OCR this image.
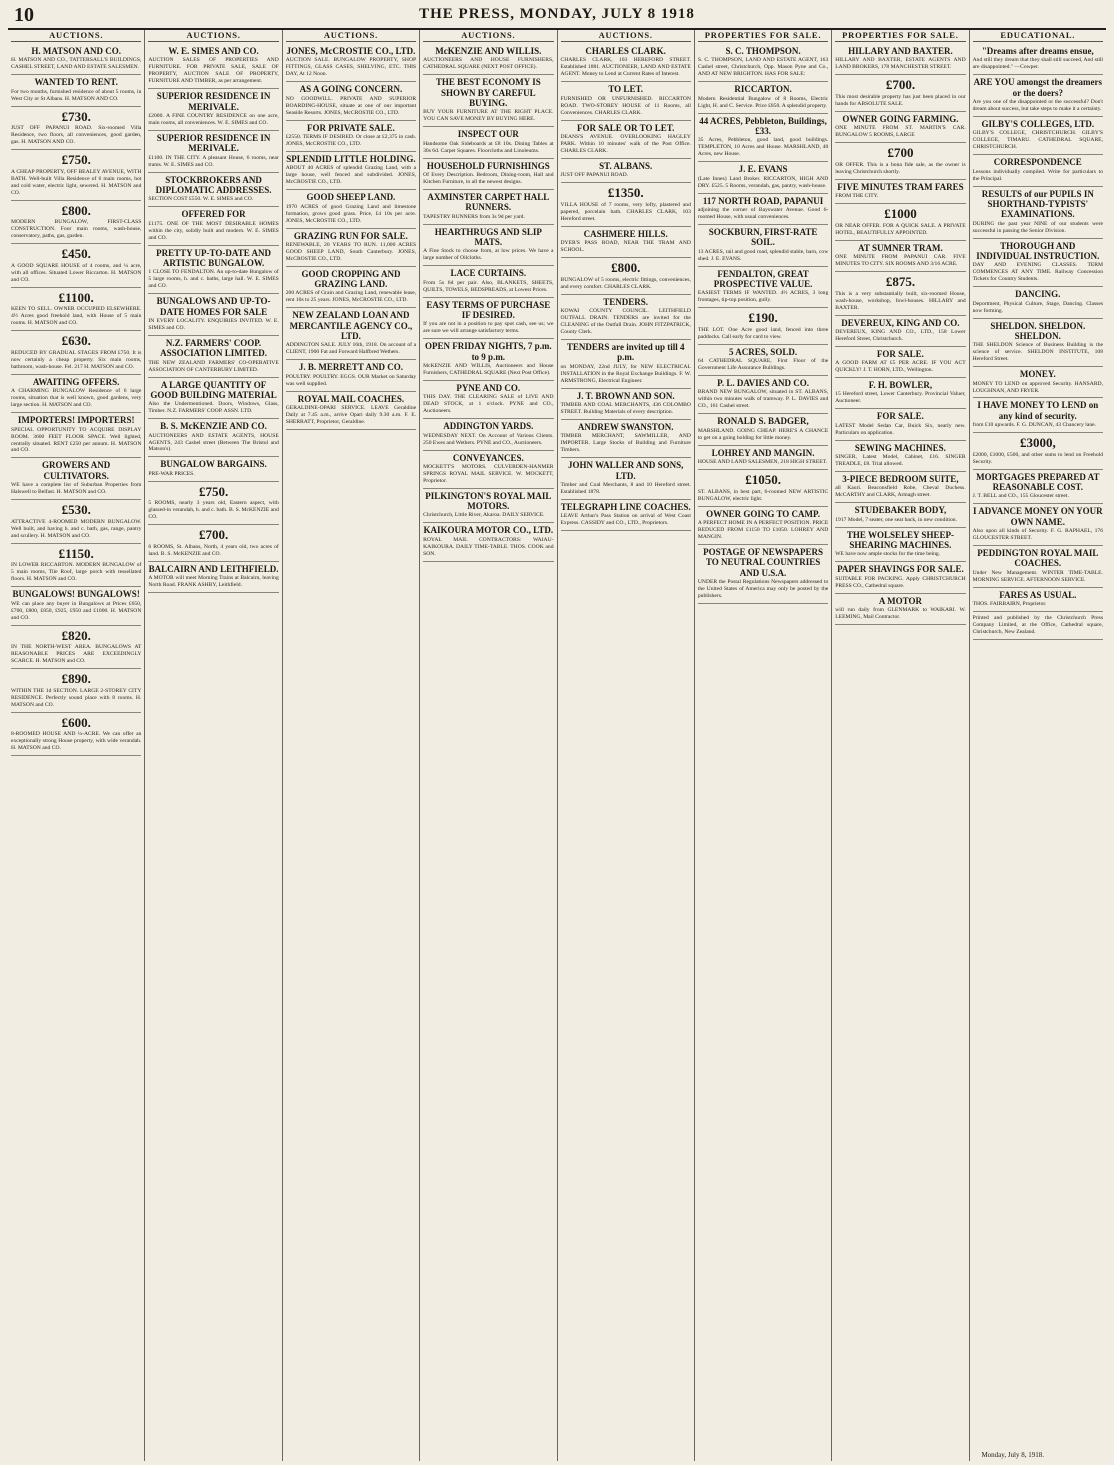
10	THE PRESS, MONDAY, JULY 8 1918
AUCTIONS.
H. MATSON AND CO.

H. MATSON AND CO., TATTERSALL'S BUILDINGS, CASHEL STREET, LAND AND ESTATE SALESMEN.

WANTED TO RENT.

For two months, furnished residence of about 5 rooms, in West City or St Albans. H. MATSON AND CO.

£730.

JUST OFF PAPANUI ROAD. Six-roomed Villa Residence, two floors, all conveniences, good garden, gas. H. MATSON AND CO.

£750.

A CHEAP PROPERTY, OFF BEALEY AVENUE, WITH BATH. Well-built Villa Residence of 6 main rooms, hot and cold water, electric light, sewered. H. MATSON and CO.

£800.

MODERN BUNGALOW, FIRST-CLASS CONSTRUCTION. Four main rooms, wash-house, conservatory, paths, gas, garden.

£450.

A GOOD SQUARE HOUSE of 4 rooms, and ¼ acre, with all offices. Situated Lower Riccarton. H. MATSON and CO.

£1100.

KEEN TO SELL. OWNER OCCUPIED ELSEWHERE. 4½ Acres good freehold land, with House of 5 main rooms. H. MATSON and CO.

£630.

REDUCED BY GRADUAL STAGES FROM £750. It is now certainly a cheap property. Six main rooms, bathroom, wash-house. Fel. 217 H. MATSON and CO.

AWAITING OFFERS.

A CHARMING BUNGALOW Residence of 6 large rooms, situation that is well known, good gardens, very large section. H. MATSON and CO.

IMPORTERS! IMPORTERS!

SPECIAL OPPORTUNITY TO ACQUIRE DISPLAY ROOM. 3600 FEET FLOOR SPACE. Well lighted, centrally situated. RENT £250 per annum. H. MATSON and CO.

GROWERS AND CULTIVATORS.

WE have a complete list of Suburban Properties from Halswell to Belfast. H. MATSON and CO.

£530.

ATTRACTIVE 4-ROOMED MODERN BUNGALOW. Well built, and having h. and c. bath, gas, range, pantry and scullery. H. MATSON and CO.

£1150.

IN LOWER RICCARTON. MODERN BUNGALOW of 5 main rooms, Tile Roof, large porch with tessellated floors. H. MATSON and CO.

BUNGALOWS! BUNGALOWS!

WE can place any buyer in Bungalows at Prices £650, £700, £800, £850, £925, £950 and £1000. H. MATSON and CO.

£820.

IN THE NORTH-WEST AREA. BUNGALOWS AT REASONABLE PRICES ARE EXCEEDINGLY SCARCE. H. MATSON and CO.

£890.

WITHIN THE 1d SECTION. LARGE 2-STOREY CITY RESIDENCE. Perfectly sound place with 8 rooms. H. MATSON and CO.

£600.

8-ROOMED HOUSE AND ¼-ACRE. We can offer an exceptionally strong House property, with wide verandah. H. MATSON and CO.

AUCTIONS.
W. E. SIMES AND CO.

AUCTION SALES OF PROPERTIES AND FURNITURE. FOR PRIVATE SALE, SALE OF PROPERTY, AUCTION SALE OF PROPERTY, FURNITURE AND TIMBER, as per arrangement.

SUPERIOR RESIDENCE IN MERIVALE.

£2000. A FINE COUNTRY RESIDENCE on one acre, main rooms, all conveniences. W. E. SIMES and CO.

SUPERIOR RESIDENCE IN MERIVALE.

£1100. IN THE CITY. A pleasant House, 6 rooms, near trams. W. E. SIMES and CO.

STOCKBROKERS AND DIPLOMATIC ADDRESSES.

SECTION COST £550. W. E. SIMES and CO.

OFFERED FOR

£1175. ONE OF THE MOST DESIRABLE HOMES within the city, solidly built and modern. W. E. SIMES and CO.

PRETTY UP-TO-DATE AND ARTISTIC BUNGALOW.

1 CLOSE TO FENDALTON. An up-to-date Bungalow of 5 large rooms, h. and c. baths, large hall. W. E. SIMES and CO.

BUNGALOWS AND UP-TO-DATE HOMES FOR SALE

IN EVERY LOCALITY. ENQUIRIES INVITED. W. E. SIMES and CO.

N.Z. FARMERS' COOP. ASSOCIATION LIMITED.

THE NEW ZEALAND FARMERS' CO-OPERATIVE ASSOCIATION OF CANTERBURY LIMITED.

A LARGE QUANTITY OF GOOD BUILDING MATERIAL

Also the Undermentioned. Doors, Windows, Glass, Timber. N.Z. FARMERS' COOP. ASSN. LTD.

B. S. McKENZIE AND CO.

AUCTIONEERS AND ESTATE AGENTS, HOUSE AGENTS, 243 Cashel street (Between The Bristol and Matson's).

BUNGALOW BARGAINS.

PRE-WAR PRICES.

£750.

5 ROOMS, nearly 3 years old, Eastern aspect, with glassed-in verandah, h. and c. bath. B. S. McKENZIE and CO.

£700.

6 ROOMS, St. Albans, North, 4 years old, two acres of land. B. S. McKENZIE and CO.

BALCAIRN AND LEITHFIELD.

A MOTOR will meet Morning Trains at Balcairn, leaving North Road. FRANK ASHBY, Leithfield.

AUCTIONS.
JONES, McCROSTIE CO., LTD.

AUCTION SALE. BUNGALOW PROPERTY, SHOP FITTINGS, GLASS CASES, SHELVING, ETC. THIS DAY, At 12 Noon.

AS A GOING CONCERN.

NO GOODWILL. PRIVATE AND SUPERIOR BOARDING-HOUSE, situate at one of our important Seaside Resorts. JONES, McCROSTIE CO., LTD.

FOR PRIVATE SALE.

£2550. TERMS IF DESIRED. Or close at £2,375 in cash. JONES, McCROSTIE CO., LTD.

SPLENDID LITTLE HOLDING.

ABOUT 40 ACRES of splendid Grazing Land, with a large house, well fenced and subdivided. JONES, McCROSTIE CO., LTD.

GOOD SHEEP LAND.

1970 ACRES of good Grazing Land and limestone formation, grows good grass. Price, £4 10s per acre. JONES, McCROSTIE CO., LTD.

GRAZING RUN FOR SALE.

RENEWABLE, 20 YEARS TO RUN. 11,000 ACRES GOOD SHEEP LAND, South Canterbury. JONES, McCROSTIE CO., LTD.

GOOD CROPPING AND GRAZING LAND.

200 ACRES of Grain and Grazing Land, renewable lease, rent 10s to 25 years. JONES, McCROSTIE CO., LTD.

NEW ZEALAND LOAN AND MERCANTILE AGENCY CO., LTD.

ADDINGTON SALE. JULY 16th, 1918. On account of a CLIENT, 1900 Fat and Forward Halfbred Wethers.

J. B. MERRETT AND CO.

POULTRY. POULTRY. EGGS. OUR Market on Saturday was well supplied.

ROYAL MAIL COACHES.

GERALDINE-OPARI SERVICE. LEAVE Geraldine Daily at 7.45 a.m., arrive Opari daily 9.30 a.m. F. E. SHERRATT, Proprietor, Geraldine.

AUCTIONS.
McKENZIE AND WILLIS.

AUCTIONEERS AND HOUSE FURNISHERS, CATHEDRAL SQUARE (NEXT POST OFFICE).

THE BEST ECONOMY IS SHOWN BY CAREFUL BUYING.

BUY YOUR FURNITURE AT THE RIGHT PLACE. YOU CAN SAVE MONEY BY BUYING HERE.

INSPECT OUR

Handsome Oak Sideboards at £8 10s. Dining Tables at 30s 6d. Carpet Squares. Floorcloths and Linoleums.

HOUSEHOLD FURNISHINGS

Of Every Description. Bedroom, Dining-room, Hall and Kitchen Furniture, in all the newest designs.

AXMINSTER CARPET HALL RUNNERS.

TAPESTRY RUNNERS from 3s 9d per yard.

HEARTHRUGS AND SLIP MATS.

A Fine Stock to choose from, at low prices. We have a large number of Oilcloths.

LACE CURTAINS.

From 5s 6d per pair. Also, BLANKETS, SHEETS, QUILTS, TOWELS, BEDSPREADS, at Lowest Prices.

EASY TERMS OF PURCHASE IF DESIRED.

If you are not in a position to pay spot cash, see us; we are sure we will arrange satisfactory terms.

OPEN FRIDAY NIGHTS, 7 p.m. to 9 p.m.

McKENZIE AND WILLIS, Auctioneers and House Furnishers, CATHEDRAL SQUARE (Next Post Office).

PYNE AND CO.

THIS DAY. THE CLEARING SALE of LIVE AND DEAD STOCK, at 1 o'clock. PYNE and CO., Auctioneers.

ADDINGTON YARDS.

WEDNESDAY NEXT. On Account of Various Clients. 250 Ewes and Wethers. PYNE and CO., Auctioneers.

CONVEYANCES.

MOCKETT'S MOTORS. CULVERDEN-HANMER SPRINGS ROYAL MAIL SERVICE. W. MOCKETT, Proprietor.

PILKINGTON'S ROYAL MAIL MOTORS.

Christchurch, Little River, Akaroa. DAILY SERVICE.

KAIKOURA MOTOR CO., LTD.

ROYAL MAIL CONTRACTORS: WAIAU-KAIKOURA. DAILY TIME-TABLE. THOS. COOK and SON.

AUCTIONS.
CHARLES CLARK.

CHARLES CLARK, 103 HEREFORD STREET. Established 1881. AUCTIONEER, LAND AND ESTATE AGENT. Money to Lend at Current Rates of Interest.

TO LET.

FURNISHED OR UNFURNISHED. RICCARTON ROAD. TWO-STOREY HOUSE of 11 Rooms, all Conveniences. CHARLES CLARK.

FOR SALE OR TO LET.

DEANS'S AVENUE. OVERLOOKING HAGLEY PARK. Within 10 minutes' walk of the Post Office. CHARLES CLARK.

ST. ALBANS.

JUST OFF PAPANUI ROAD.

£1350.

VILLA HOUSE of 7 rooms, very lofty, plastered and papered, porcelain bath. CHARLES CLARK, 103 Hereford street.

CASHMERE HILLS.

DYER'S PASS ROAD, NEAR THE TRAM AND SCHOOL.

£800.

BUNGALOW of 5 rooms, electric fittings, conveniences, and every comfort. CHARLES CLARK.

TENDERS.

KOWAI COUNTY COUNCIL. LEITHFIELD OUTFALL DRAIN. TENDERS are invited for the CLEANING of the Outfall Drain. JOHN FITZPATRICK, County Clerk.

TENDERS are invited up till 4 p.m.

on MONDAY, 22nd JULY, for NEW ELECTRICAL INSTALLATION in the Royal Exchange Buildings. F. W. ARMSTRONG, Electrical Engineer.

J. T. BROWN AND SON.

TIMBER AND COAL MERCHANTS, 436 COLOMBO STREET. Building Materials of every description.

ANDREW SWANSTON.

TIMBER MERCHANT, SAWMILLER, AND IMPORTER. Large Stocks of Building and Furniture Timbers.

JOHN WALLER AND SONS, LTD.

Timber and Coal Merchants, 8 and 10 Hereford street. Established 1878.

TELEGRAPH LINE COACHES.

LEAVE Arthur's Pass Station on arrival of West Coast Express. CASSIDY and CO., LTD., Proprietors.

PROPERTIES FOR SALE.
S. C. THOMPSON.

S. C. THOMPSON, LAND AND ESTATE AGENT, 163 Cashel street, Christchurch, Opp. Mason Pyne and Co., AND AT NEW BRIGHTON. HAS FOR SALE:

RICCARTON.

Modern Residential Bungalow of 8 Rooms, Electric Light, H. and C. Service. Price £850. A splendid property.

44 ACRES, Pebbleton, Buildings, £33.

35 Acres, Pebbleton, good land, good buildings. TEMPLETON, 10 Acres and House. MARSHLAND, 40 Acres, new House.

J. E. EVANS

(Late Innes) Land Broker. RICCARTON, HIGH AND DRY. £525. 5 Rooms, verandah, gas, pantry, wash-house.

117 NORTH ROAD, PAPANUI

adjoining the corner of Bayswater Avenue. Good 6-roomed House, with usual conveniences.

SOCKBURN, FIRST-RATE SOIL.

13 ACRES, rail and good road, splendid stable, barn, cow shed. J. E. EVANS.

FENDALTON, GREAT PROSPECTIVE VALUE.

EASIEST TERMS IF WANTED. 4½ ACRES, 3 long frontages, tip-top position, gully.

£190.

THE LOT. One Acre good land, fenced into three paddocks. Call early for card to view.

5 ACRES, SOLD.

64 CATHEDRAL SQUARE, First Floor of the Government Life Assurance Buildings.

P. L. DAVIES AND CO.

BRAND NEW BUNGALOW, situated in ST. ALBANS, within two minutes walk of tramway. P. L. DAVIES and CO., 161 Cashel street.

RONALD S. BADGER,

MARSHLAND. GOING CHEAP. HERE'S A CHANCE to get on a going holding for little money.

LOHREY AND MANGIN.

HOUSE AND LAND SALESMEN, 218 HIGH STREET.

£1050.

ST. ALBANS, in best part, 6-roomed NEW ARTISTIC BUNGALOW, electric light.

OWNER GOING TO CAMP.

A PERFECT HOME IN A PERFECT POSITION. PRICE REDUCED FROM £1150 TO £1050. LOHREY AND MANGIN.

POSTAGE OF NEWSPAPERS TO NEUTRAL COUNTRIES AND U.S.A.

UNDER the Postal Regulations Newspapers addressed to the United States of America may only be posted by the publishers.

PROPERTIES FOR SALE.
HILLARY AND BAXTER.

HILLARY AND BAXTER, ESTATE AGENTS AND LAND BROKERS, 178 MANCHESTER STREET.

£700.

This most desirable property has just been placed in our hands for ABSOLUTE SALE.

OWNER GOING FARMING.

ONE MINUTE FROM ST. MARTIN'S CAR. BUNGALOW 5 ROOMS, LARGE

£700

OR OFFER. This is a bona fide sale, as the owner is leaving Christchurch shortly.

FIVE MINUTES TRAM FARES

FROM THE CITY.

£1000

OR NEAR OFFER. FOR A QUICK SALE. A PRIVATE HOTEL, BEAUTIFULLY APPOINTED.

AT SUMNER TRAM.

ONE MINUTE FROM PAPANUI CAR. FIVE MINUTES TO CITY. SIX ROOMS AND 3/16 ACRE.

£875.

This is a very substantially built, six-roomed House, wash-house, workshop, fowl-houses. HILLARY and BAXTER.

DEVEREUX, KING AND CO.

DEVEREUX, KING AND CO., LTD., 158 Lower Hereford Street, Christchurch.

FOR SALE.

A GOOD FARM AT £5 PER ACRE. IF YOU ACT QUICKLY! J. T. HORN, LTD., Wellington.

F. H. BOWLER,

15 Hereford street, Lower Canterbury. Provincial Valuer, Auctioneer.

FOR SALE.

LATEST Model Sedan Car, Buick Six, nearly new. Particulars on application.

SEWING MACHINES.

SINGER, Latest Model, Cabinet, £16. SINGER TREADLE, £8. Trial allowed.

3-PIECE BEDROOM SUITE,

all Kauri. Beaconsfield Robe, Cheval Duchess. McCARTHY and CLARK, Armagh street.

STUDEBAKER BODY,

1917 Model, 7 seater, one seat back, in new condition.

THE WOLSELEY SHEEP-SHEARING MACHINES.

WE have now ample stocks for the time being.

PAPER SHAVINGS FOR SALE.

SUITABLE FOR PACKING. Apply CHRISTCHURCH PRESS CO., Cathedral square.

A MOTOR

will run daily from GLENMARK to WAIKARI. W. LEEMING, Mail Contractor.

EDUCATIONAL.
"Dreams after dreams ensue,

And still they dream that they shall still succeed, And still are disappointed." —Cowper.

ARE YOU amongst the dreamers or the doers?

Are you one of the disappointed or the successful? Don't dream about success, but take steps to make it a certainty.

GILBY'S COLLEGES, LTD.

GILBY'S COLLEGE, CHRISTCHURCH. GILBY'S COLLEGE, TIMARU. CATHEDRAL SQUARE, CHRISTCHURCH.

CORRESPONDENCE

Lessons individually compiled. Write for particulars to the Principal.

RESULTS of our PUPILS IN SHORTHAND-TYPISTS' EXAMINATIONS.

DURING the past year NINE of our students were successful in passing the Senior Division.

THOROUGH AND INDIVIDUAL INSTRUCTION.

DAY AND EVENING CLASSES. TERM COMMENCES AT ANY TIME. Railway Concession Tickets for Country Students.

DANCING.

Deportment, Physical Culture, Stage, Dancing. Classes now forming.

SHELDON. SHELDON. SHELDON.

THE SHELDON Science of Business Building is the science of service. SHELDON INSTITUTE, 108 Hereford Street.

MONEY.

MONEY TO LEND on approved Security. HANSARD, LOUGHNAN, AND FRYER.

I HAVE MONEY TO LEND on any kind of security.

from £10 upwards. F. G. DUNCAN, 43 Chancery lane.

£3000,

£2000, £1000, £500, and other sums to lend on Freehold Security.

MORTGAGES PREPARED AT REASONABLE COST.

J. T. BELL and CO., 155 Gloucester street.

I ADVANCE MONEY ON YOUR OWN NAME.

Also upon all kinds of Security. F. G. RAPHAEL, 176 GLOUCESTER STREET.

PEDDINGTON ROYAL MAIL COACHES.

Under New Management. WINTER TIME-TABLE. MORNING SERVICE. AFTERNOON SERVICE.

FARES AS USUAL.

THOS. FAIRBAIRN, Proprietor.

Printed and published by the Christchurch Press Company Limited, at the Office, Cathedral square, Christchurch, New Zealand.

Monday, July 8, 1918.
